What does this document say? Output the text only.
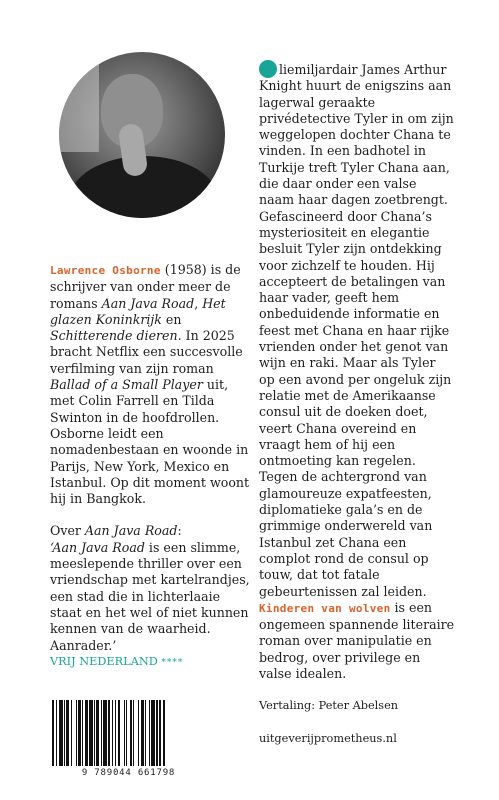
Lawrence Osborne (1958) is de schrijver van onder meer de romans Aan Java Road, Het glazen Koninkrijk en Schitterende dieren. In 2025 bracht Netflix een succesvolle verfilming van zijn roman Ballad of a Small Player uit, met Colin Farrell en Tilda Swinton in de hoofdrollen. Osborne leidt een nomadenbestaan en woonde in Parijs, New York, Mexico en Istanbul. Op dit moment woont hij in Bangkok.

Over Aan Java Road:

‘Aan Java Road is een slimme, meeslepende thriller over een vriendschap met kartelrandjes, een stad die in lichterlaaie staat en het wel of niet kunnen kennen van de waarheid. Aanrader.’

VRIJ NEDERLAND ****

liemiljardair James Arthur Knight huurt de enigszins aan lagerwal geraakte privédetective Tyler in om zijn weggelopen dochter Chana te vinden. In een badhotel in Turkije treft Tyler Chana aan, die daar onder een valse naam haar dagen zoetbrengt.

Gefascineerd door Chana’s mysteriositeit en elegantie besluit Tyler zijn ontdekking voor zichzelf te houden. Hij accepteert de betalingen van haar vader, geeft hem onbeduidende informatie en feest met Chana en haar rijke vrienden onder het genot van wijn en raki. Maar als Tyler op een avond per ongeluk zijn relatie met de Amerikaanse consul uit de doeken doet, veert Chana overeind en vraagt hem of hij een ontmoeting kan regelen.

Tegen de achtergrond van glamoureuze expatfeesten, diplomatieke gala’s en de grimmige onderwereld van Istanbul zet Chana een complot rond de consul op touw, dat tot fatale gebeurtenissen zal leiden.

Kinderen van wolven is een ongemeen spannende literaire roman over manipulatie en bedrog, over privilege en valse idealen.

Vertaling: Peter Abelsen

uitgeverijprometheus.nl

9 789044 661798
